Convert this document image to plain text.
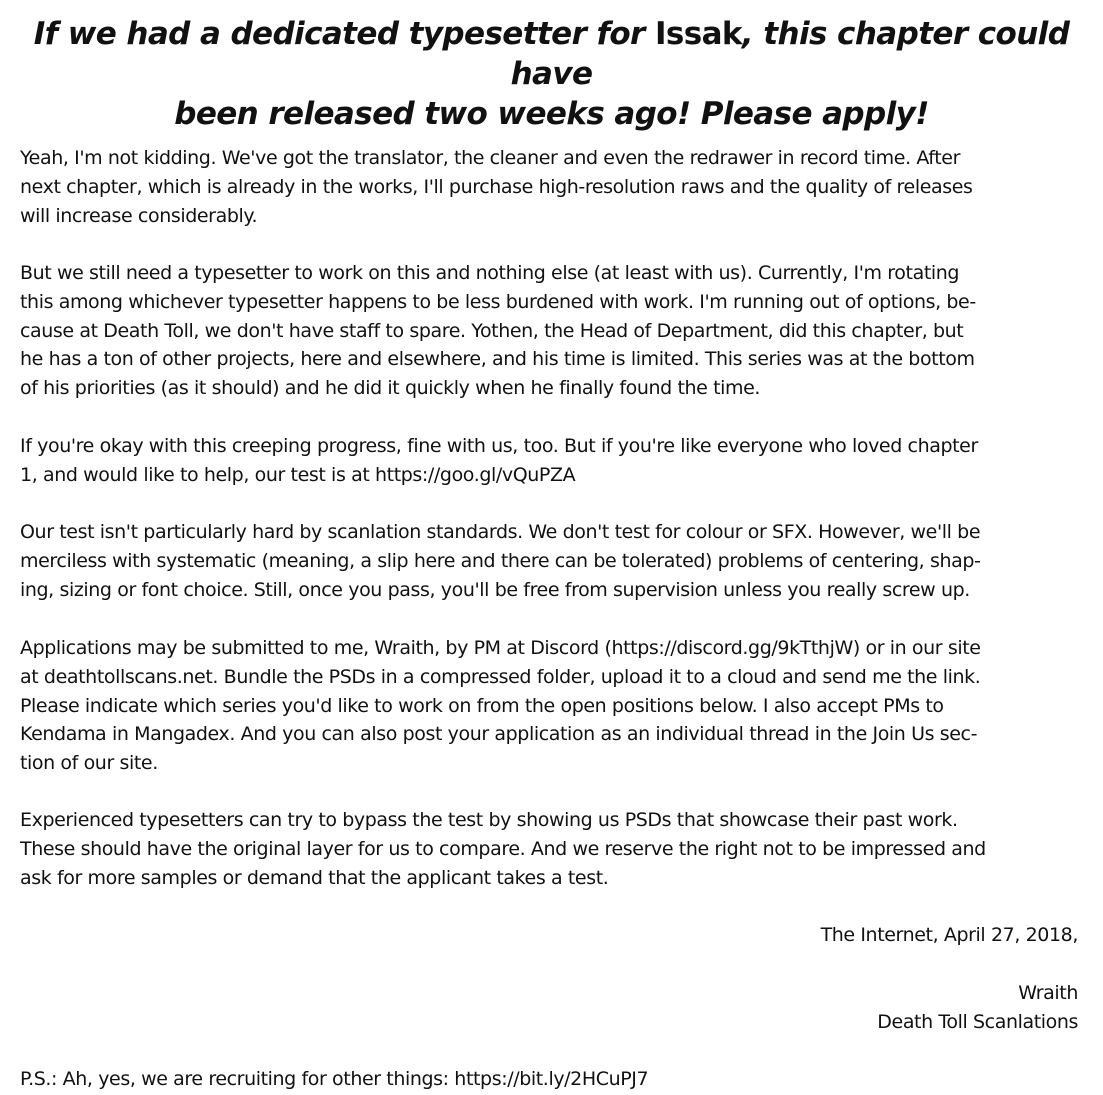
If we had a dedicated typesetter for Issak, this chapter could have
been released two weeks ago! Please apply!

Yeah, I'm not kidding. We've got the translator, the cleaner and even the redrawer in record time. After
next chapter, which is already in the works, I'll purchase high-resolution raws and the quality of releases
will increase considerably.

But we still need a typesetter to work on this and nothing else (at least with us). Currently, I'm rotating
this among whichever typesetter happens to be less burdened with work. I'm running out of options, be-
cause at Death Toll, we don't have staff to spare. Yothen, the Head of Department, did this chapter, but
he has a ton of other projects, here and elsewhere, and his time is limited. This series was at the bottom
of his priorities (as it should) and he did it quickly when he finally found the time.

If you're okay with this creeping progress, fine with us, too. But if you're like everyone who loved chapter
1, and would like to help, our test is at https://goo.gl/vQuPZA

Our test isn't particularly hard by scanlation standards. We don't test for colour or SFX. However, we'll be
merciless with systematic (meaning, a slip here and there can be tolerated) problems of centering, shap-
ing, sizing or font choice. Still, once you pass, you'll be free from supervision unless you really screw up.

Applications may be submitted to me, Wraith, by PM at Discord (https://discord.gg/9kTthjW) or in our site
at deathtollscans.net. Bundle the PSDs in a compressed folder, upload it to a cloud and send me the link.
Please indicate which series you'd like to work on from the open positions below. I also accept PMs to
Kendama in Mangadex. And you can also post your application as an individual thread in the Join Us sec-
tion of our site.

Experienced typesetters can try to bypass the test by showing us PSDs that showcase their past work.
These should have the original layer for us to compare. And we reserve the right not to be impressed and
ask for more samples or demand that the applicant takes a test.

The Internet, April 27, 2018,

Wraith
Death Toll Scanlations

P.S.: Ah, yes, we are recruiting for other things: https://bit.ly/2HCuPJ7
